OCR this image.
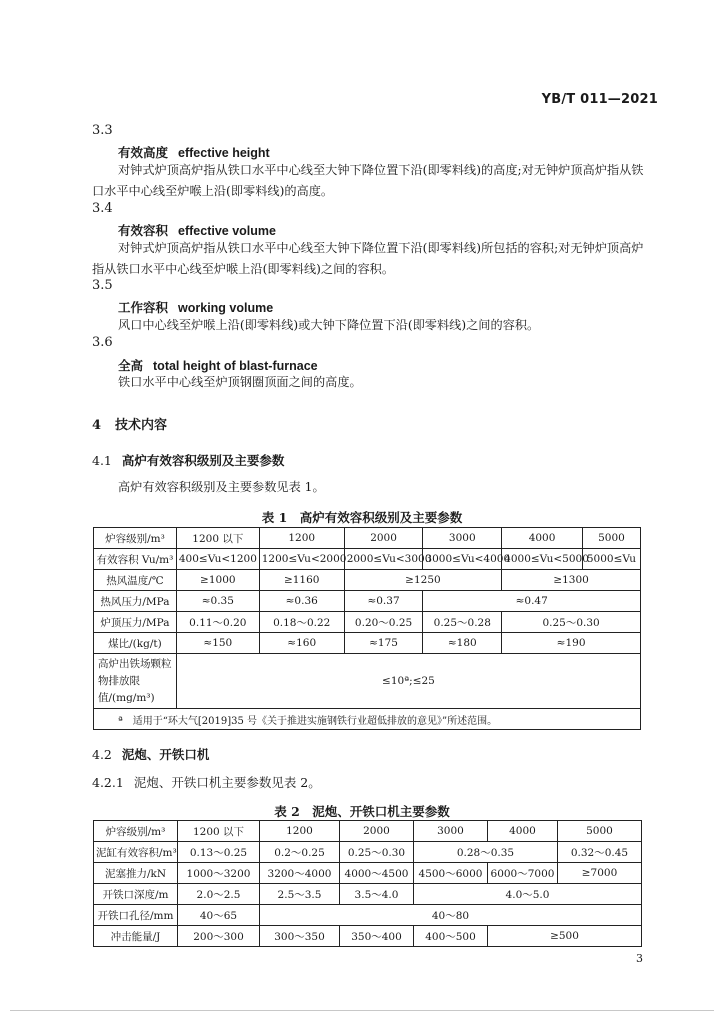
YB/T 011—2021
3.3
有效高度 effective height
对钟式炉顶高炉指从铁口水平中心线至大钟下降位置下沿(即零料线)的高度;对无钟炉顶高炉指从铁口水平中心线至炉喉上沿(即零料线)的高度。
3.4
有效容积 effective volume
对钟式炉顶高炉指从铁口水平中心线至大钟下降位置下沿(即零料线)所包括的容积;对无钟炉顶高炉指从铁口水平中心线至炉喉上沿(即零料线)之间的容积。
3.5
工作容积 working volume
风口中心线至炉喉上沿(即零料线)或大钟下降位置下沿(即零料线)之间的容积。
3.6
全高 total height of blast-furnace
铁口水平中心线至炉顶钢圈顶面之间的高度。
4 技术内容
4.1 高炉有效容积级别及主要参数
高炉有效容积级别及主要参数见表 1。
表 1　高炉有效容积级别及主要参数
炉容级别/m³	1200 以下	1200	2000	3000	4000	5000
有效容积 Vu/m³	400≤Vu<1200	1200≤Vu<2000	2000≤Vu<3000	3000≤Vu<4000	4000≤Vu<5000	5000≤Vu
热风温度/℃	≥1000	≥1160	≥1250		≥1300	
热风压力/MPa	≈0.35	≈0.36	≈0.37	≈0.47		
炉顶压力/MPa	0.11～0.20	0.18～0.22	0.20～0.25	0.25～0.28	0.25～0.30	
煤比/(kg/t)	≈150	≈160	≈175	≈180	≈190	
高炉出铁场颗粒物排放限值/(mg/m³)	≤10ª;≤25					
ª　适用于“环大气[2019]35 号《关于推进实施钢铁行业超低排放的意见》”所述范围。						
4.2 泥炮、开铁口机
4.2.1 泥炮、开铁口机主要参数见表 2。
表 2　泥炮、开铁口机主要参数
炉容级别/m³	1200 以下	1200	2000	3000	4000	5000
泥缸有效容积/m³	0.13～0.25	0.2～0.25	0.25～0.30	0.28～0.35		0.32～0.45
泥塞推力/kN	1000～3200	3200～4000	4000～4500	4500～6000	6000～7000	≥7000
开铁口深度/m	2.0～2.5	2.5～3.5	3.5～4.0	4.0～5.0		
开铁口孔径/mm	40～65	40～80				
冲击能量/J	200～300	300～350	350～400	400～500	≥500	
3
